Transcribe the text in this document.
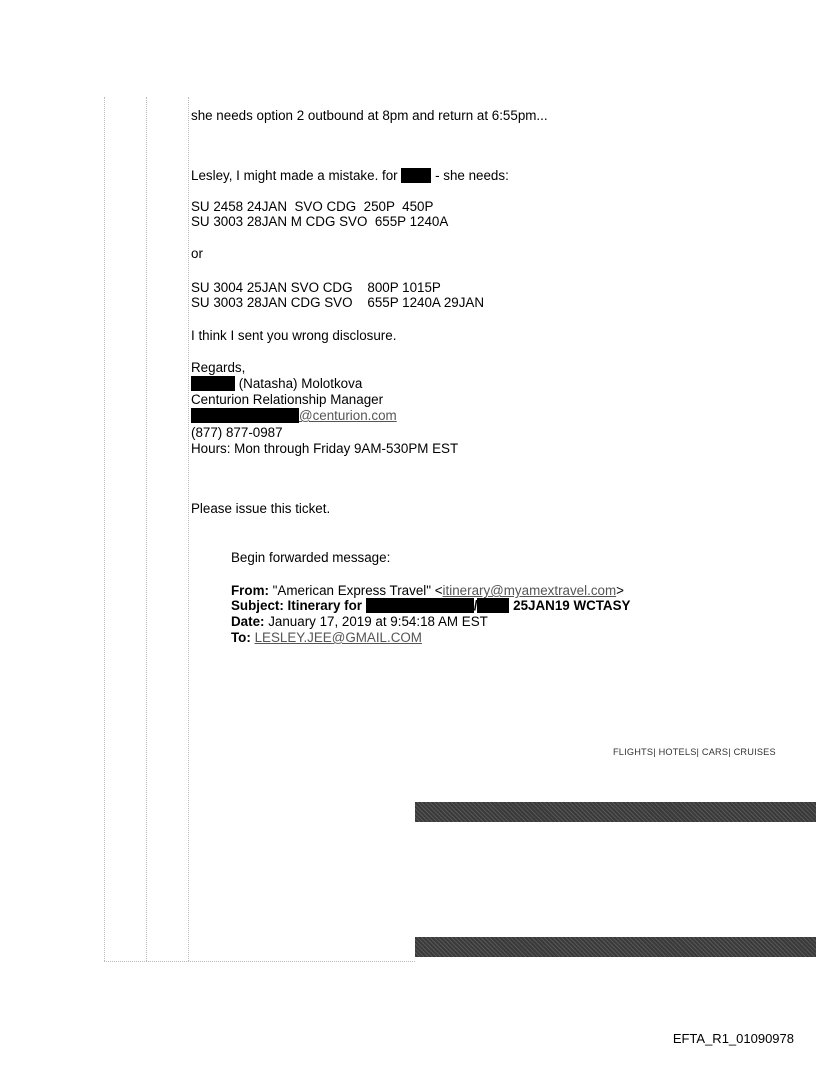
she needs option 2 outbound at 8pm and return at 6:55pm...
Lesley, I might made a mistake. for  - she needs:
SU 2458 24JAN  SVO CDG  250P  450P
SU 3003 28JAN M CDG SVO  655P 1240A
or
SU 3004 25JAN SVO CDG    800P 1015P
SU 3003 28JAN CDG SVO    655P 1240A 29JAN
I think I sent you wrong disclosure.
Regards,
(Natasha) Molotkova
Centurion Relationship Manager
@centurion.com
(877) 877-0987
Hours: Mon through Friday 9AM-530PM EST
Please issue this ticket.
Begin forwarded message:
From: "American Express Travel" <itinerary@myamextravel.com>
Subject: Itinerary for	/ 25JAN19 WCTASY
Date: January 17, 2019 at 9:54:18 AM EST
To: LESLEY.JEE@GMAIL.COM
FLIGHTS| HOTELS| CARS| CRUISES
EFTA_R1_01090978
